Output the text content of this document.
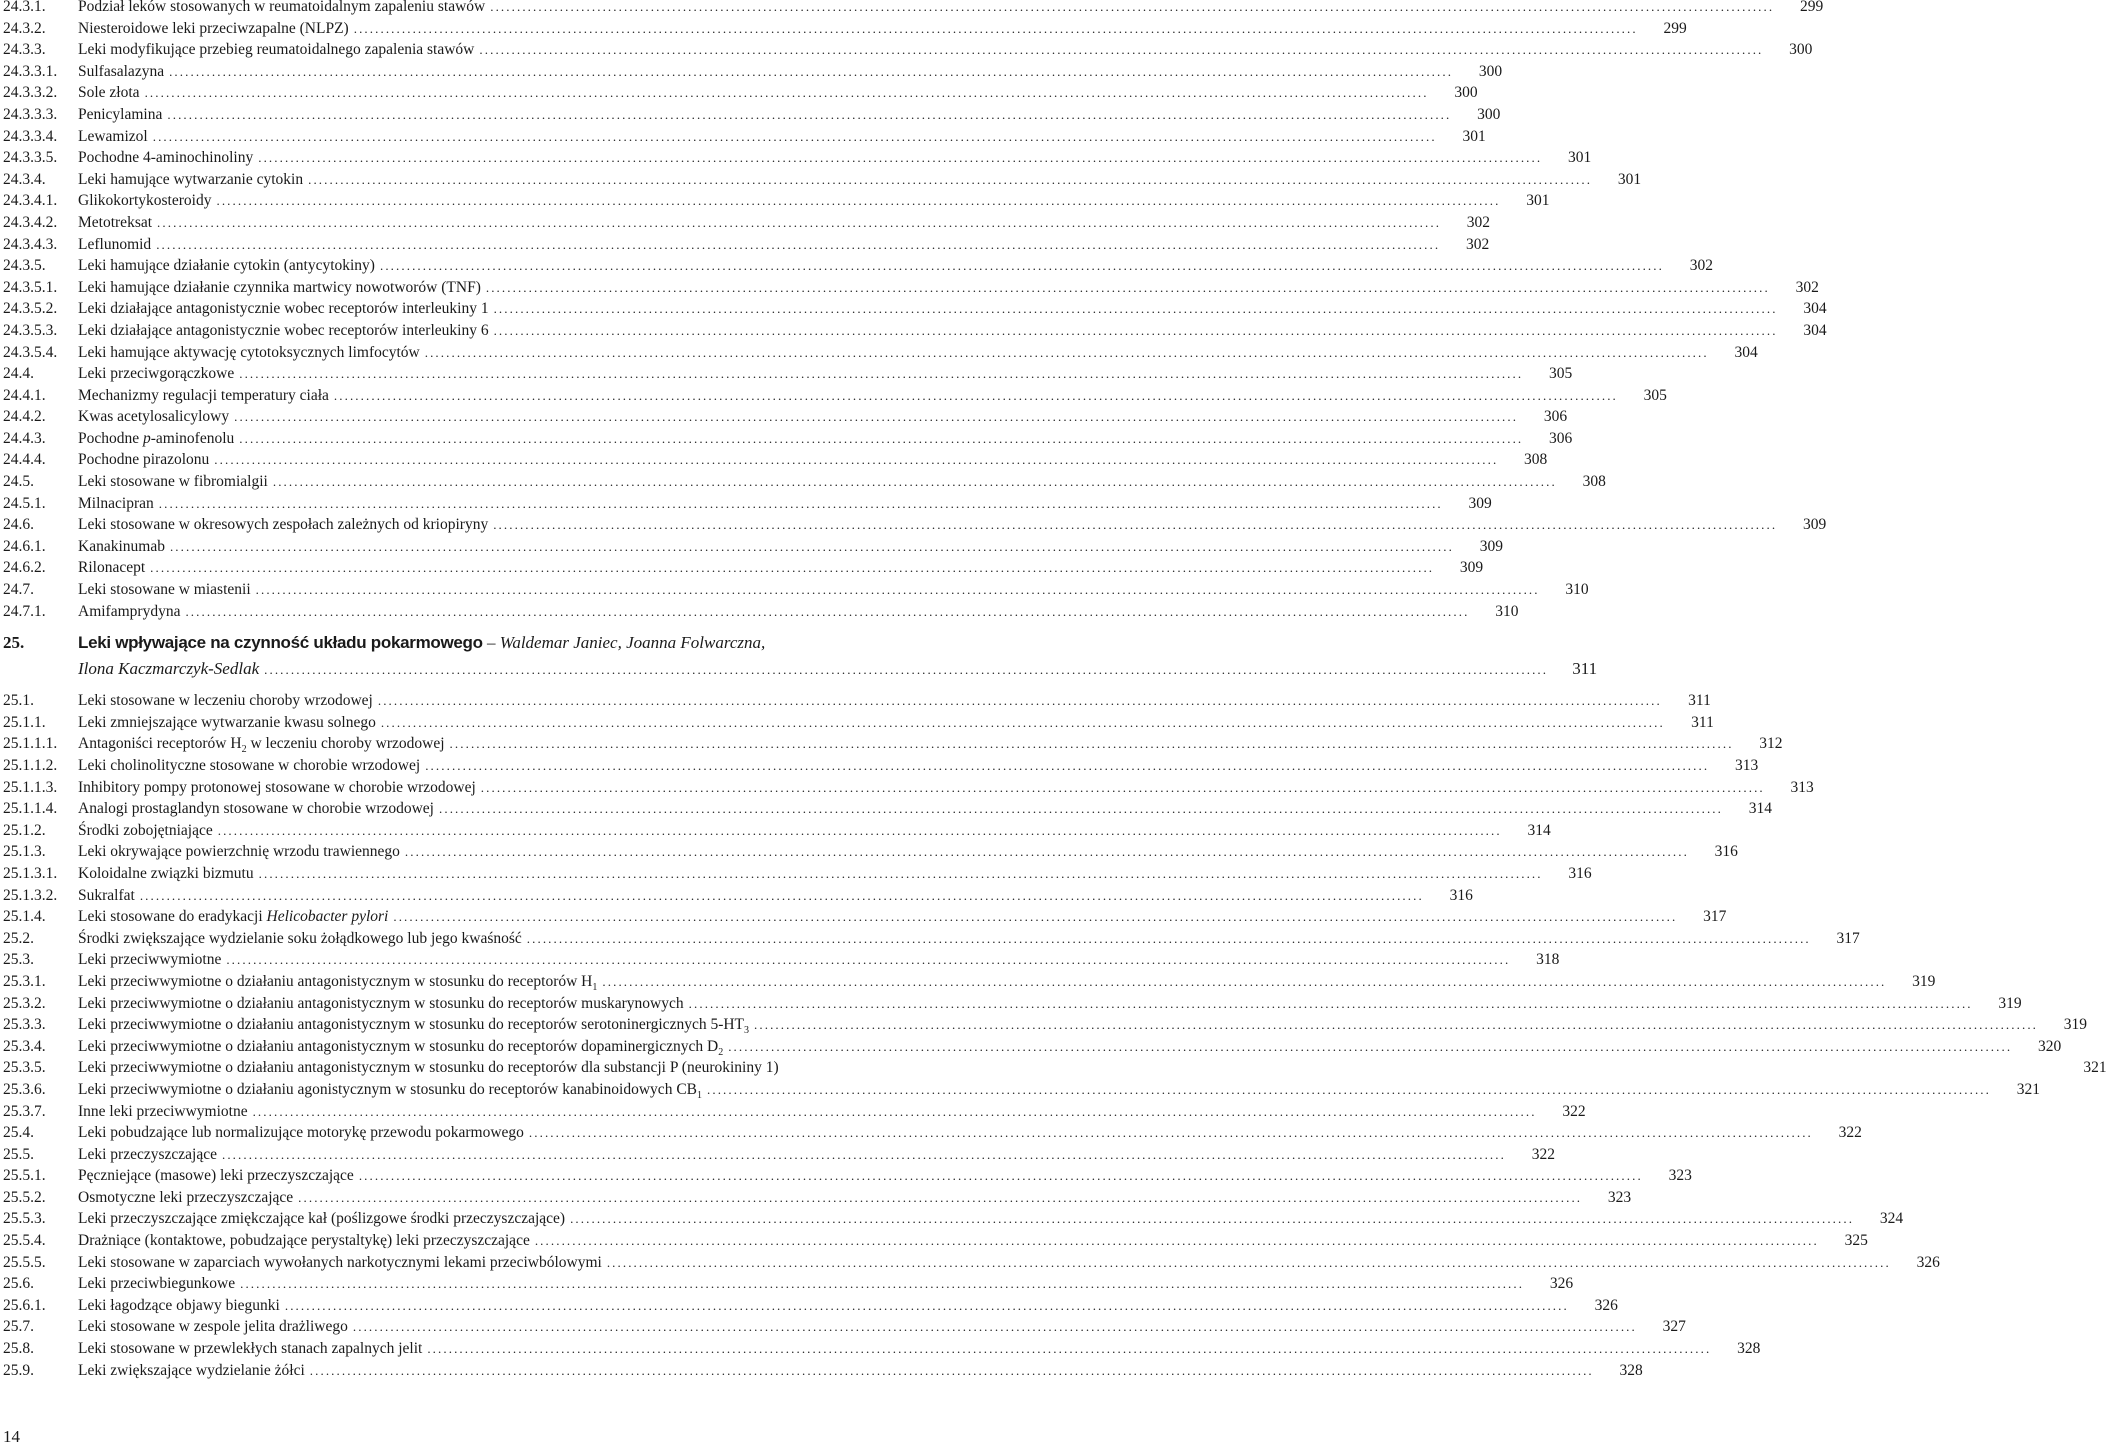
24.3.1.	Podział leków stosowanych w reumatoidalnym zapaleniu stawów .....	299
24.3.2.	Niesteroidowe leki przeciwzapalne (NLPZ) .....	299
24.3.3.	Leki modyfikujące przebieg reumatoidalnego zapalenia stawów .....	300
24.3.3.1.	Sulfasalazyna .....	300
24.3.3.2.	Sole złota .....	300
24.3.3.3.	Penicylamina .....	300
24.3.3.4.	Lewamizol .....	301
24.3.3.5.	Pochodne 4-aminochinoliny .....	301
24.3.4.	Leki hamujące wytwarzanie cytokin .....	301
24.3.4.1.	Glikokortykosteroidy .....	301
24.3.4.2.	Metotreksat .....	302
24.3.4.3.	Leflunomid .....	302
24.3.5.	Leki hamujące działanie cytokin (antycytokiny) .....	302
24.3.5.1.	Leki hamujące działanie czynnika martwicy nowotworów (TNF) .....	302
24.3.5.2.	Leki działające antagonistycznie wobec receptorów interleukiny 1 .....	304
24.3.5.3.	Leki działające antagonistycznie wobec receptorów interleukiny 6 .....	304
24.3.5.4.	Leki hamujące aktywację cytotoksycznych limfocytów .....	304
24.4.	Leki przeciwgorączkowe .....	305
24.4.1.	Mechanizmy regulacji temperatury ciała .....	305
24.4.2.	Kwas acetylosalicylowy .....	306
24.4.3.	Pochodne p-aminofenolu .....	306
24.4.4.	Pochodne pirazolonu .....	308
24.5.	Leki stosowane w fibromialgii .....	308
24.5.1.	Milnacipran .....	309
24.6.	Leki stosowane w okresowych zespołach zależnych od kriopiryny .....	309
24.6.1.	Kanakinumab .....	309
24.6.2.	Rilonacept .....	309
24.7.	Leki stosowane w miastenii .....	310
24.7.1.	Amifamprydyna .....	310
25.	Leki wpływające na czynność układu pokarmowego – Waldemar Janiec, Joanna Folwarczna,
Ilona Kaczmarczyk-Sedlak .....	311
25.1.	Leki stosowane w leczeniu choroby wrzodowej .....	311
25.1.1.	Leki zmniejszające wytwarzanie kwasu solnego .....	311
25.1.1.1.	Antagoniści receptorów $H_2$ w leczeniu choroby wrzodowej .....	312
25.1.1.2.	Leki cholinolityczne stosowane w chorobie wrzodowej .....	313
25.1.1.3.	Inhibitory pompy protonowej stosowane w chorobie wrzodowej .....	313
25.1.1.4.	Analogi prostaglandyn stosowane w chorobie wrzodowej .....	314
25.1.2.	Środki zobojętniające .....	314
25.1.3.	Leki okrywające powierzchnię wrzodu trawiennego .....	316
25.1.3.1.	Koloidalne związki bizmutu .....	316
25.1.3.2.	Sukralfat .....	316
25.1.4.	Leki stosowane do eradykacji Helicobacter pylori .....	317
25.2.	Środki zwiększające wydzielanie soku żołądkowego lub jego kwaśność .....	317
25.3.	Leki przeciwwymiotne .....	318
25.3.1.	Leki przeciwwymiotne o działaniu antagonistycznym w stosunku do receptorów $H_1$ .....	319
25.3.2.	Leki przeciwwymiotne o działaniu antagonistycznym w stosunku do receptorów muskarynowych .....	319
25.3.3.	Leki przeciwwymiotne o działaniu antagonistycznym w stosunku do receptorów serotoninergicznych $5-HT_3$ .....	319
25.3.4.	Leki przeciwwymiotne o działaniu antagonistycznym w stosunku do receptorów dopaminergicznych $D_2$ .....	320
25.3.5.	Leki przeciwwymiotne o działaniu antagonistycznym w stosunku do receptorów dla substancji P (neurokininy 1)	321
25.3.6.	Leki przeciwwymiotne o działaniu agonistycznym w stosunku do receptorów kanabinoidowych $CB_1$ .....	321
25.3.7.	Inne leki przeciwwymiotne .....	322
25.4.	Leki pobudzające lub normalizujące motorykę przewodu pokarmowego .....	322
25.5.	Leki przeczyszczające .....	322
25.5.1.	Pęczniejące (masowe) leki przeczyszczające .....	323
25.5.2.	Osmotyczne leki przeczyszczające .....	323
25.5.3.	Leki przeczyszczające zmiękczające kał (poślizgowe środki przeczyszczające) .....	324
25.5.4.	Drażniące (kontaktowe, pobudzające perystaltykę) leki przeczyszczające .....	325
25.5.5.	Leki stosowane w zaparciach wywołanych narkotycznymi lekami przeciwbólowymi .....	326
25.6.	Leki przeciwbiegunkowe .....	326
25.6.1.	Leki łagodzące objawy biegunki .....	326
25.7.	Leki stosowane w zespole jelita drażliwego .....	327
25.8.	Leki stosowane w przewlekłych stanach zapalnych jelit .....	328
25.9.	Leki zwiększające wydzielanie żółci .....	328
14
